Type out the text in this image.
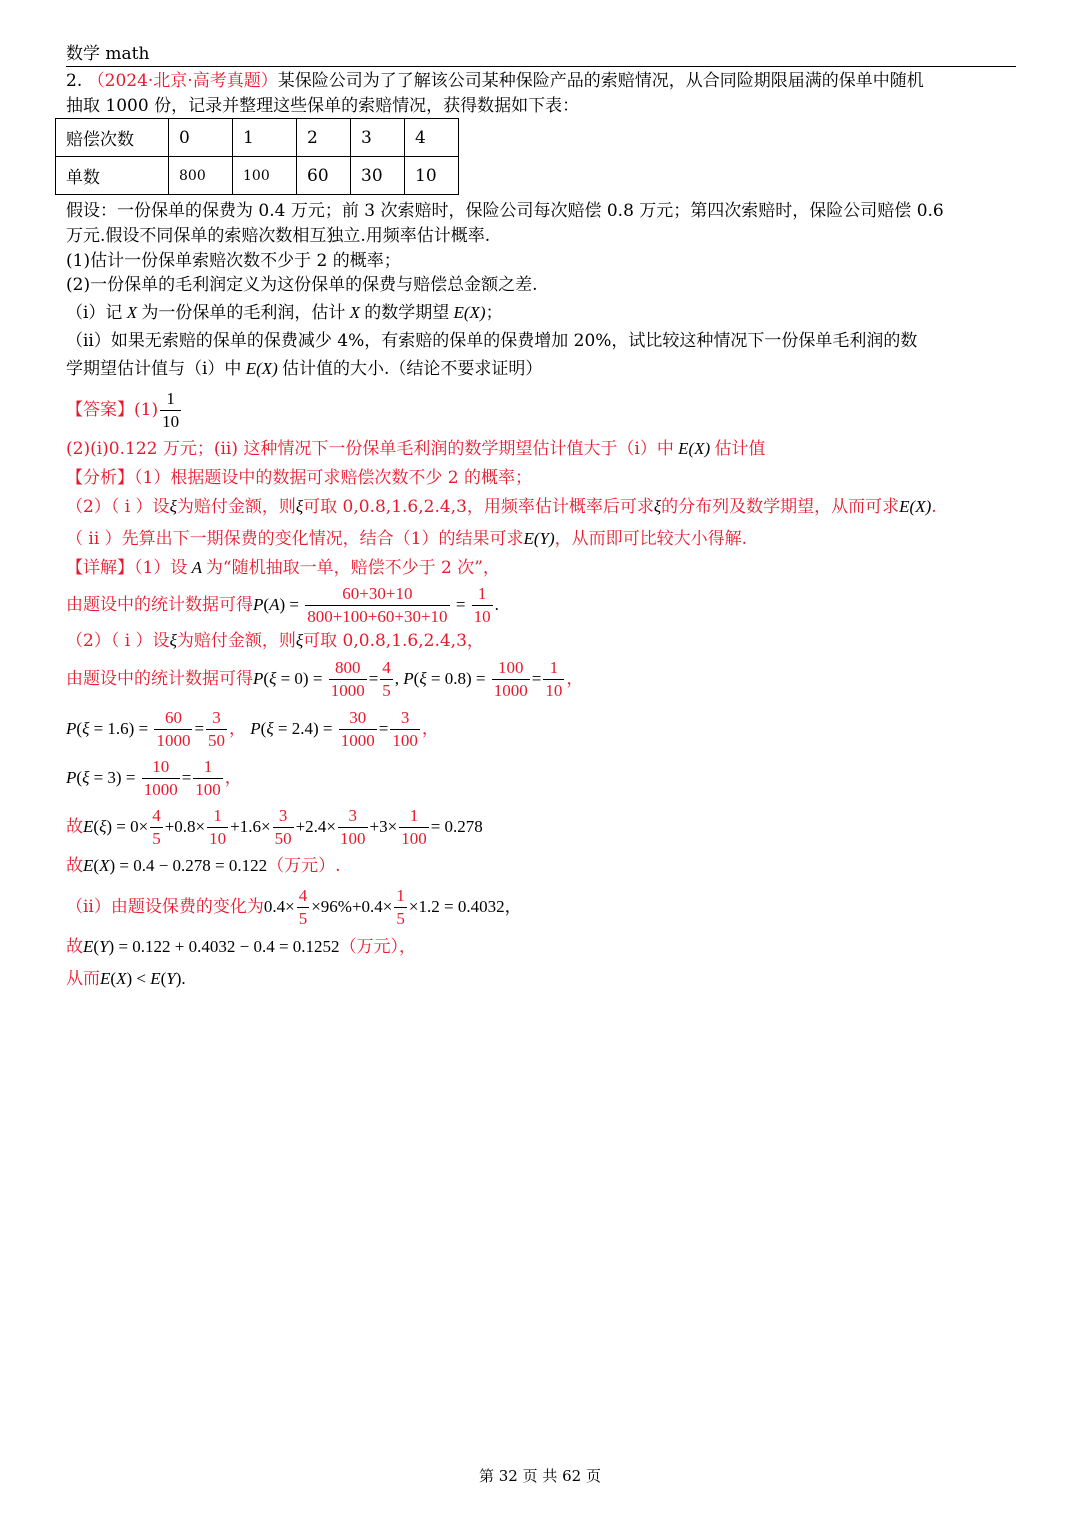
数学 math
2. （2024·北京·高考真题）某保险公司为了了解该公司某种保险产品的索赔情况，从合同险期限届满的保单中随机
抽取 1000 份，记录并整理这些保单的索赔情况，获得数据如下表：
赔偿次数	0	1	2	3	4
单数	800	100	60	30	10
假设：一份保单的保费为 0.4 万元；前 3 次索赔时，保险公司每次赔偿 0.8 万元；第四次索赔时，保险公司赔偿 0.6
万元.假设不同保单的索赔次数相互独立.用频率估计概率.
(1)估计一份保单索赔次数不少于 2 的概率；
(2)一份保单的毛利润定义为这份保单的保费与赔偿总金额之差.
（i）记 X 为一份保单的毛利润，估计 X 的数学期望 E(X)；
（ii）如果无索赔的保单的保费减少 4%，有索赔的保单的保费增加 20%，试比较这种情况下一份保单毛利润的数
学期望估计值与（i）中 E(X) 估计值的大小.（结论不要求证明）
【答案】$(1) \frac{1}{10}$
(2)(i)0.122 万元；(ii) 这种情况下一份保单毛利润的数学期望估计值大于（i）中 E(X) 估计值
【分析】（1）根据题设中的数据可求赔偿次数不少 2 的概率；
（2）（ i ）设ξ为赔付金额，则ξ可取 0,0.8,1.6,2.4,3，用频率估计概率后可求ξ的分布列及数学期望，从而可求E(X).
（ ii ）先算出下一期保费的变化情况，结合（1）的结果可求E(Y)，从而即可比较大小得解.
【详解】（1）设 A 为“随机抽取一单，赔偿不少于 2 次”，
由题设中的统计数据可得$P(A) = \frac{60+30+10}{800+100+60+30+10} = \frac{1}{10}$ .
（2）（ i ）设ξ为赔付金额，则ξ可取 0,0.8,1.6,2.4,3，
由题设中的统计数据可得$P(\xi = 0) = \frac{800}{1000} = \frac{4}{5}$ , $P(\xi = 0.8) = \frac{100}{1000} = \frac{1}{10}$ ，
$P(\xi = 1.6) = \frac{60}{1000} = \frac{3}{50}$ ， $P(\xi = 2.4) = \frac{30}{1000} = \frac{3}{100}$ ，
$P(\xi = 3) = \frac{10}{1000} = \frac{1}{100}$ ，
故$E(\xi) = 0\times \frac{4}{5} +0.8\times \frac{1}{10} +1.6\times \frac{3}{50} +2.4\times \frac{3}{100} +3\times \frac{1}{100} = 0.278$
故E(X) = 0.4 − 0.278 = 0.122（万元）.
（ii）由题设保费的变化为$0.4\times \frac{4}{5} \times 96\%+0.4\times \frac{1}{5} \times 1.2 = 0.4032$，
故E(Y) = 0.122 + 0.4032 − 0.4 = 0.1252（万元），
从而E(X) < E(Y).
第 32 页 共 62 页
